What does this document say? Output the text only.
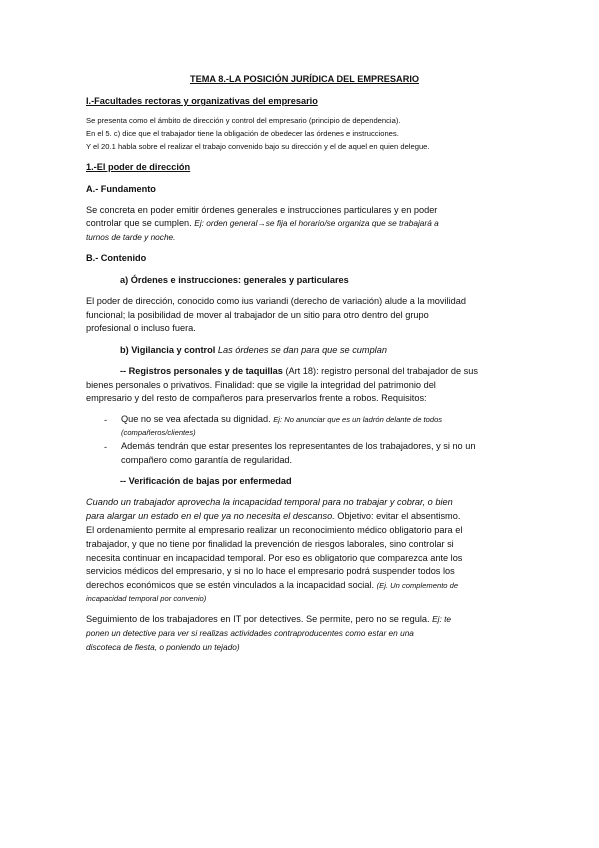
TEMA 8.-LA POSICIÓN JURÍDICA DEL EMPRESARIO
I.-Facultades rectoras y organizativas del empresario
Se presenta como el ámbito de dirección y control del empresario (principio de dependencia).
En el 5. c) dice que el trabajador tiene la obligación de obedecer las órdenes e instrucciones.
Y el 20.1 habla sobre el realizar el trabajo convenido bajo su dirección y el de aquel en quien delegue.
1.-El poder de dirección
A.- Fundamento
Se concreta en poder emitir órdenes generales e instrucciones particulares y en poder
controlar que se cumplen. Ej: orden general→se fija el horario/se organiza que se trabajará a
turnos de tarde y noche.
B.- Contenido
a) Órdenes e instrucciones: generales y particulares
El poder de dirección, conocido como ius variandi (derecho de variación) alude a la movilidad
funcional; la posibilidad de mover al trabajador de un sitio para otro dentro del grupo
profesional o incluso fuera.
b) Vigilancia y control Las órdenes se dan para que se cumplan
-- Registros personales y de taquillas (Art 18): registro personal del trabajador de sus
bienes personales o privativos. Finalidad: que se vigile la integridad del patrimonio del
empresario y del resto de compañeros para preservarlos frente a robos. Requisitos:
- Que no se vea afectada su dignidad. Ej: No anunciar que es un ladrón delante de todos
(compañeros/clientes)
- Además tendrán que estar presentes los representantes de los trabajadores, y si no un
compañero como garantía de regularidad.
-- Verificación de bajas por enfermedad
Cuando un trabajador aprovecha la incapacidad temporal para no trabajar y cobrar, o bien
para alargar un estado en el que ya no necesita el descanso. Objetivo: evitar el absentismo.
El ordenamiento permite al empresario realizar un reconocimiento médico obligatorio para el
trabajador, y que no tiene por finalidad la prevención de riesgos laborales, sino controlar si
necesita continuar en incapacidad temporal. Por eso es obligatorio que comparezca ante los
servicios médicos del empresario, y si no lo hace el empresario podrá suspender todos los
derechos económicos que se estén vinculados a la incapacidad social. (Ej. Un complemento de
incapacidad temporal por convenio)
Seguimiento de los trabajadores en IT por detectives. Se permite, pero no se regula. Ej: te
ponen un detective para ver si realizas actividades contraproducentes como estar en una
discoteca de fiesta, o poniendo un tejado)
